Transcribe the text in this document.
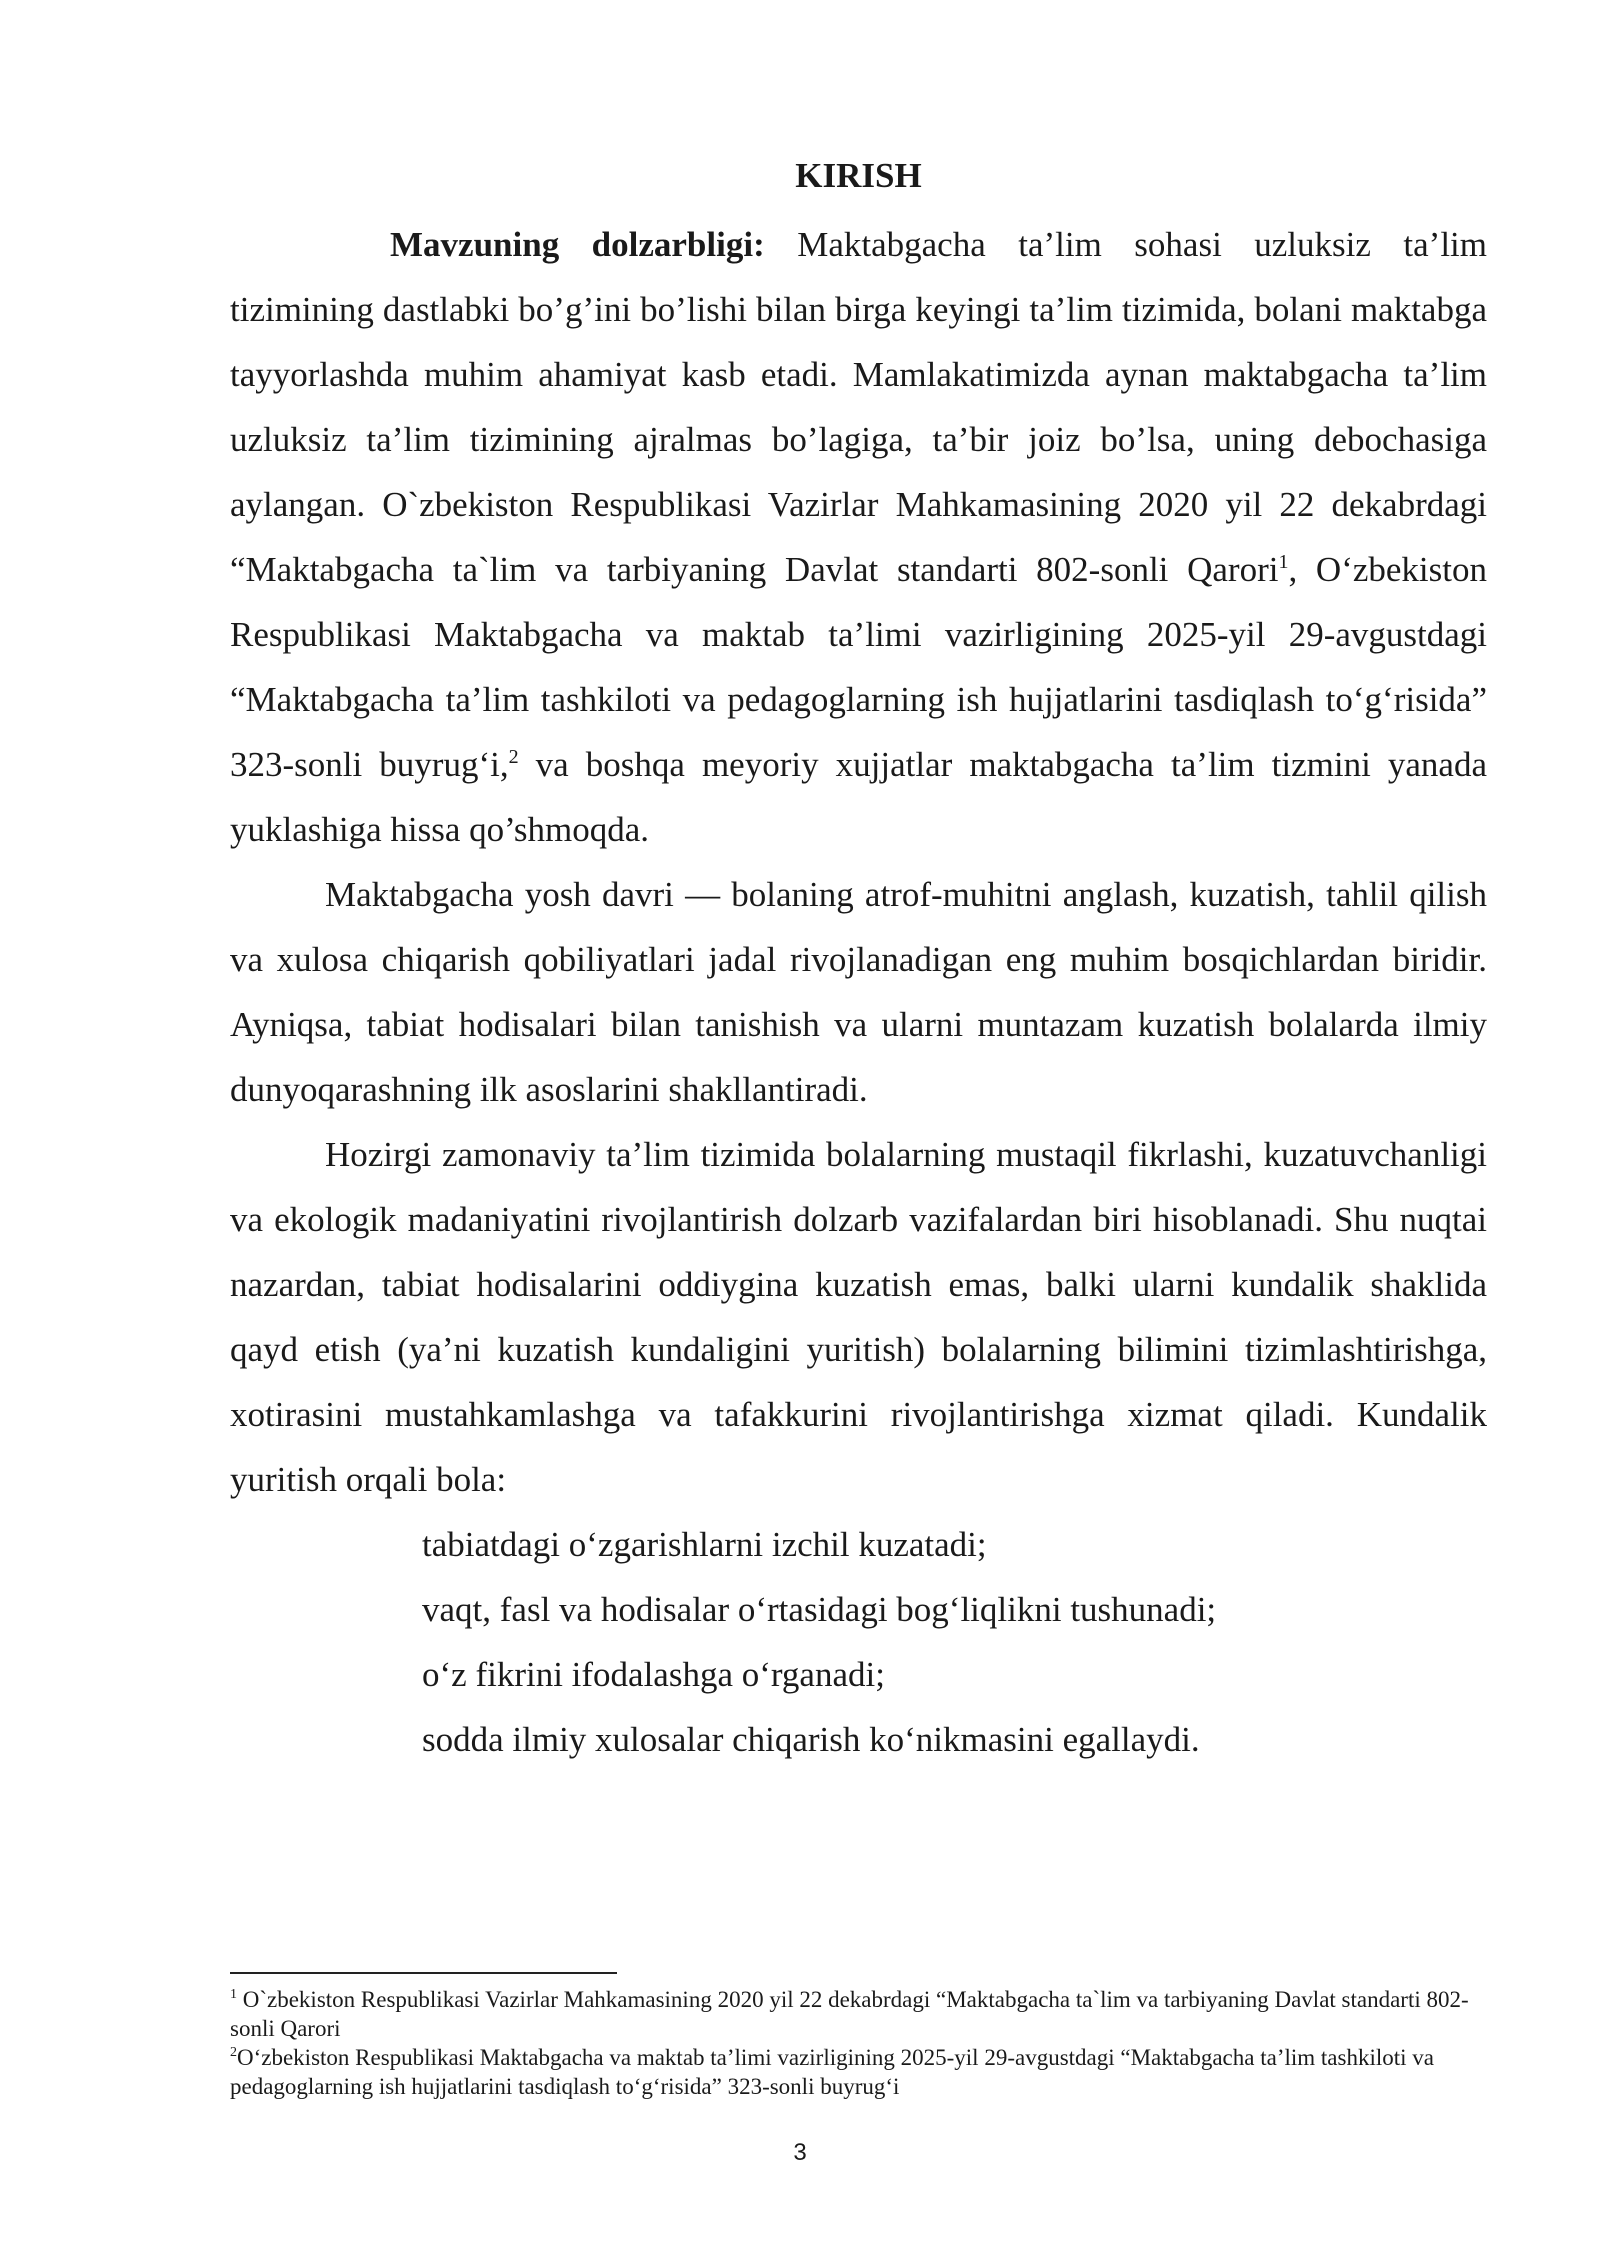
KIRISH

Mavzuning dolzarbligi: Maktabgacha ta’lim sohasi uzluksiz ta’lim tizimining dastlabki bo’g’ini bo’lishi bilan birga keyingi ta’lim tizimida, bolani maktabga tayyorlashda muhim ahamiyat kasb etadi. Mamlakatimizda aynan maktabgacha ta’lim uzluksiz ta’lim tizimining ajralmas bo’lagiga, ta’bir joiz bo’lsa, uning debochasiga aylangan. O`zbekiston Respublikasi Vazirlar Mahkamasining 2020 yil 22 dekabrdagi “Maktabgacha ta`lim va tarbiyaning Davlat standarti 802-sonli Qarori$^1$, O‘zbekiston Respublikasi Maktabgacha va maktab ta’limi vazirligining 2025-yil 29-avgustdagi “Maktabgacha ta’lim tashkiloti va pedagoglarning ish hujjatlarini tasdiqlash to‘g‘risida” 323-sonli buyrug‘i,$^2$ va boshqa meyoriy xujjatlar maktabgacha ta’lim tizmini yanada yuklashiga hissa qo’shmoqda.

Maktabgacha yosh davri — bolaning atrof-muhitni anglash, kuzatish, tahlil qilish va xulosa chiqarish qobiliyatlari jadal rivojlanadigan eng muhim bosqichlardan biridir. Ayniqsa, tabiat hodisalari bilan tanishish va ularni muntazam kuzatish bolalarda ilmiy dunyoqarashning ilk asoslarini shakllantiradi.

Hozirgi zamonaviy ta’lim tizimida bolalarning mustaqil fikrlashi, kuzatuvchanligi va ekologik madaniyatini rivojlantirish dolzarb vazifalardan biri hisoblanadi. Shu nuqtai nazardan, tabiat hodisalarini oddiygina kuzatish emas, balki ularni kundalik shaklida qayd etish (ya’ni kuzatish kundaligini yuritish) bolalarning bilimini tizimlashtirishga, xotirasini mustahkamlashga va tafakkurini rivojlantirishga xizmat qiladi. Kundalik yuritish orqali bola:

tabiatdagi o‘zgarishlarni izchil kuzatadi;
vaqt, fasl va hodisalar o‘rtasidagi bog‘liqlikni tushunadi;
o‘z fikrini ifodalashga o‘rganadi;
sodda ilmiy xulosalar chiqarish ko‘nikmasini egallaydi.

$^1$ O`zbekiston Respublikasi Vazirlar Mahkamasining 2020 yil 22 dekabrdagi “Maktabgacha ta`lim va tarbiyaning Davlat standarti 802-sonli Qarori

$^2$O‘zbekiston Respublikasi Maktabgacha va maktab ta’limi vazirligining 2025-yil 29-avgustdagi “Maktabgacha ta’lim tashkiloti va pedagoglarning ish hujjatlarini tasdiqlash to‘g‘risida” 323-sonli buyrug‘i

3
